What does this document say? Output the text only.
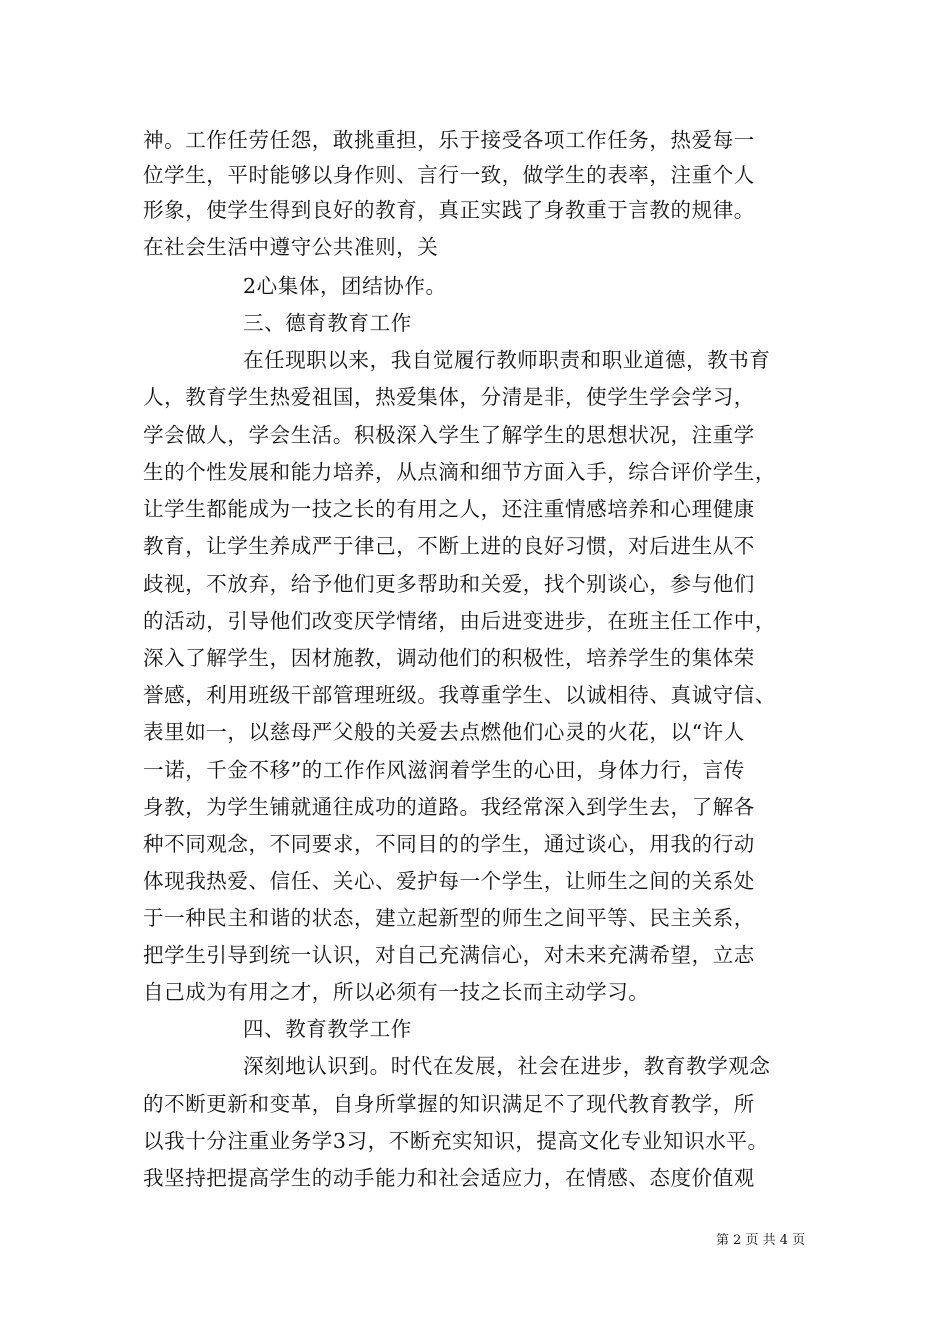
神。工作任劳任怨，敢挑重担，乐于接受各项工作任务，热爱每一
位学生，平时能够以身作则、言行一致，做学生的表率，注重个人
形象，使学生得到良好的教育，真正实践了身教重于言教的规律。
在社会生活中遵守公共准则，关
2心集体，团结协作。
三、德育教育工作
在任现职以来，我自觉履行教师职责和职业道德，教书育
人，教育学生热爱祖国，热爱集体，分清是非，使学生学会学习，
学会做人，学会生活。积极深入学生了解学生的思想状况，注重学
生的个性发展和能力培养，从点滴和细节方面入手，综合评价学生，
让学生都能成为一技之长的有用之人，还注重情感培养和心理健康
教育，让学生养成严于律己，不断上进的良好习惯，对后进生从不
歧视，不放弃，给予他们更多帮助和关爱，找个别谈心，参与他们
的活动，引导他们改变厌学情绪，由后进变进步，在班主任工作中，
深入了解学生，因材施教，调动他们的积极性，培养学生的集体荣
誉感，利用班级干部管理班级。我尊重学生、以诚相待、真诚守信、
表里如一，以慈母严父般的关爱去点燃他们心灵的火花，以“许人
一诺，千金不移”的工作作风滋润着学生的心田，身体力行，言传
身教，为学生铺就通往成功的道路。我经常深入到学生去，了解各
种不同观念，不同要求，不同目的的学生，通过谈心，用我的行动
体现我热爱、信任、关心、爱护每一个学生，让师生之间的关系处
于一种民主和谐的状态，建立起新型的师生之间平等、民主关系，
把学生引导到统一认识，对自己充满信心，对未来充满希望，立志
自己成为有用之才，所以必须有一技之长而主动学习。
四、教育教学工作
深刻地认识到。时代在发展，社会在进步，教育教学观念
的不断更新和变革，自身所掌握的知识满足不了现代教育教学，所
以我十分注重业务学3习，不断充实知识，提高文化专业知识水平。
我坚持把提高学生的动手能力和社会适应力，在情感、态度价值观
第 2 页 共 4 页
